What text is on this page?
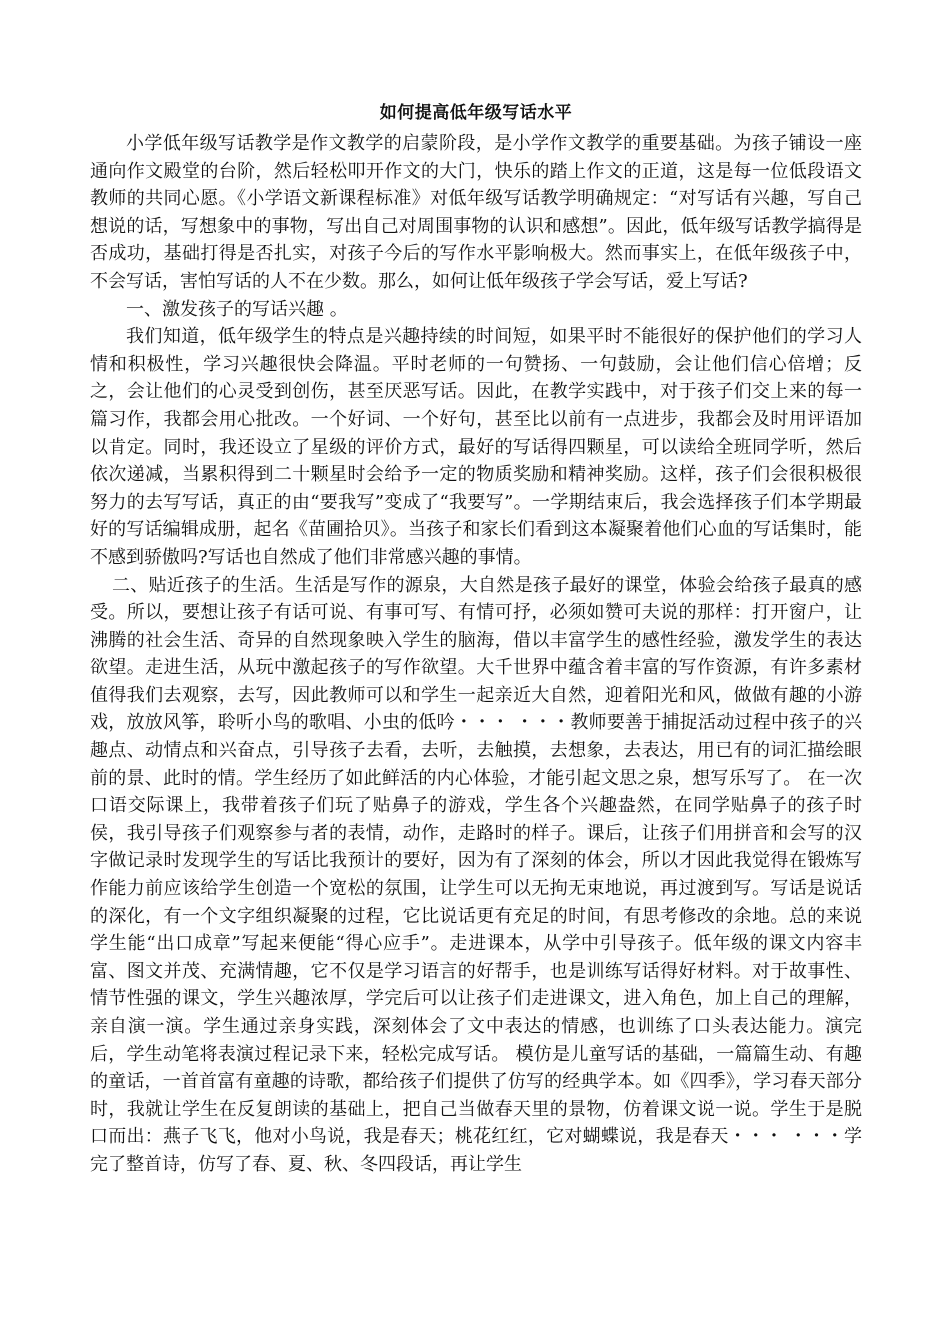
如何提高低年级写话水平

小学低年级写话教学是作文教学的启蒙阶段，是小学作文教学的重要基础。为孩子铺设一座通向作文殿堂的台阶，然后轻松叩开作文的大门，快乐的踏上作文的正道，这是每一位低段语文教师的共同心愿。《小学语文新课程标准》对低年级写话教学明确规定：“对写话有兴趣，写自己想说的话，写想象中的事物，写出自己对周围事物的认识和感想”。因此，低年级写话教学搞得是否成功，基础打得是否扎实，对孩子今后的写作水平影响极大。然而事实上，在低年级孩子中，不会写话，害怕写话的人不在少数。那么，如何让低年级孩子学会写话，爱上写话?

一、激发孩子的写话兴趣 。

我们知道，低年级学生的特点是兴趣持续的时间短，如果平时不能很好的保护他们的学习人情和积极性，学习兴趣很快会降温。平时老师的一句赞扬、一句鼓励，会让他们信心倍增；反之，会让他们的心灵受到创伤，甚至厌恶写话。因此，在教学实践中，对于孩子们交上来的每一篇习作，我都会用心批改。一个好词、一个好句，甚至比以前有一点进步，我都会及时用评语加以肯定。同时，我还设立了星级的评价方式，最好的写话得四颗星，可以读给全班同学听，然后依次递减，当累积得到二十颗星时会给予一定的物质奖励和精神奖励。这样，孩子们会很积极很努力的去写写话，真正的由“要我写”变成了“我要写”。一学期结束后，我会选择孩子们本学期最好的写话编辑成册，起名《苗圃拾贝》。当孩子和家长们看到这本凝聚着他们心血的写话集时，能不感到骄傲吗?写话也自然成了他们非常感兴趣的事情。

二、贴近孩子的生活。生活是写作的源泉，大自然是孩子最好的课堂，体验会给孩子最真的感受。所以，要想让孩子有话可说、有事可写、有情可抒，必须如赞可夫说的那样：打开窗户，让沸腾的社会生活、奇异的自然现象映入学生的脑海，借以丰富学生的感性经验，激发学生的表达欲望。走进生活，从玩中激起孩子的写作欲望。大千世界中蕴含着丰富的写作资源，有许多素材值得我们去观察，去写，因此教师可以和学生一起亲近大自然，迎着阳光和风，做做有趣的小游戏，放放风筝，聆听小鸟的歌唱、小虫的低吟・・・ ・・・教师要善于捕捉活动过程中孩子的兴趣点、动情点和兴奋点，引导孩子去看，去听，去触摸，去想象，去表达，用已有的词汇描绘眼前的景、此时的情。学生经历了如此鲜活的内心体验，才能引起文思之泉，想写乐写了。 在一次口语交际课上，我带着孩子们玩了贴鼻子的游戏，学生各个兴趣盎然，在同学贴鼻子的孩子时侯，我引导孩子们观察参与者的表情，动作，走路时的样子。课后，让孩子们用拼音和会写的汉字做记录时发现学生的写话比我预计的要好，因为有了深刻的体会，所以才因此我觉得在锻炼写作能力前应该给学生创造一个宽松的氛围，让学生可以无拘无束地说，再过渡到写。写话是说话的深化，有一个文字组织凝聚的过程，它比说话更有充足的时间，有思考修改的余地。总的来说学生能“出口成章”写起来便能“得心应手”。走进课本，从学中引导孩子。低年级的课文内容丰富、图文并茂、充满情趣，它不仅是学习语言的好帮手，也是训练写话得好材料。对于故事性、情节性强的课文，学生兴趣浓厚，学完后可以让孩子们走进课文，进入角色，加上自己的理解，亲自演一演。学生通过亲身实践，深刻体会了文中表达的情感，也训练了口头表达能力。演完后，学生动笔将表演过程记录下来，轻松完成写话。 模仿是儿童写话的基础，一篇篇生动、有趣的童话，一首首富有童趣的诗歌，都给孩子们提供了仿写的经典学本。如《四季》，学习春天部分时，我就让学生在反复朗读的基础上，把自己当做春天里的景物，仿着课文说一说。学生于是脱口而出：燕子飞飞，他对小鸟说，我是春天；桃花红红，它对蝴蝶说，我是春天・・・ ・・・学完了整首诗，仿写了春、夏、秋、冬四段话，再让学生
